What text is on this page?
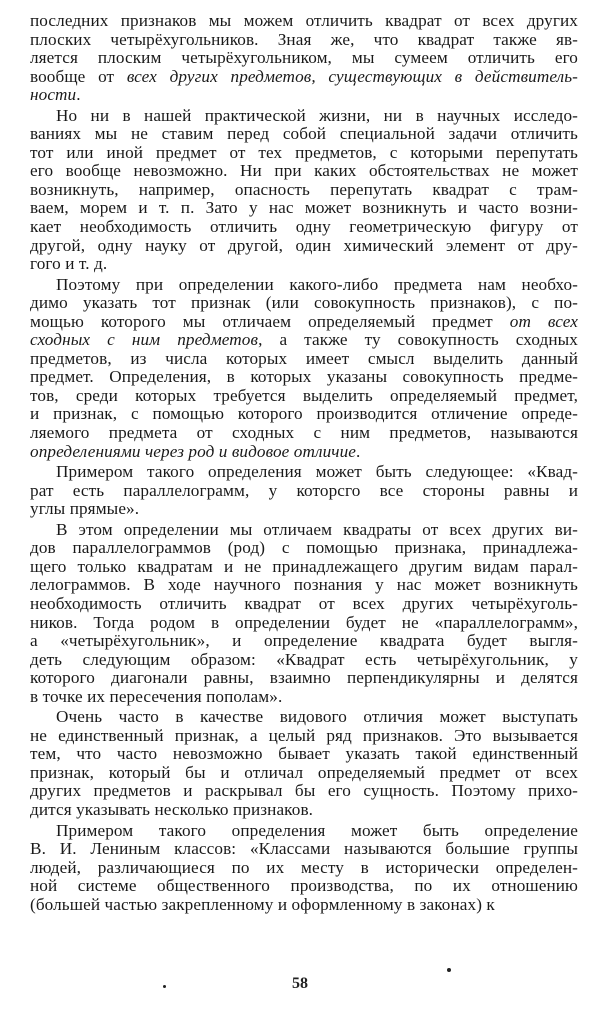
последних признаков мы можем отличить квадрат от всех других
плоских четырёхугольников. Зная же, что квадрат также яв-
ляется плоским четырёхугольником, мы сумеем отличить его
вообще от всех других предметов, существующих в действитель-
ности.
Но ни в нашей практической жизни, ни в научных исследо-
ваниях мы не ставим перед собой специальной задачи отличить
тот или иной предмет от тех предметов, с которыми перепутать
его вообще невозможно. Ни при каких обстоятельствах не может
возникнуть, например, опасность перепутать квадрат с трам-
ваем, морем и т. п. Зато у нас может возникнуть и часто возни-
кает необходимость отличить одну геометрическую фигуру от
другой, одну науку от другой, один химический элемент от дру-
гого и т. д.
Поэтому при определении какого-либо предмета нам необхо-
димо указать тот признак (или совокупность признаков), с по-
мощью которого мы отличаем определяемый предмет от всех
сходных с ним предметов, а также ту совокупность сходных
предметов, из числа которых имеет смысл выделить данный
предмет. Определения, в которых указаны совокупность предме-
тов, среди которых требуется выделить определяемый предмет,
и признак, с помощью которого производится отличение опреде-
ляемого предмета от сходных с ним предметов, называются
определениями через род и видовое отличие.
Примером такого определения может быть следующее: «Квад-
рат есть параллелограмм, у которсго все стороны равны и
углы прямые».
В этом определении мы отличаем квадраты от всех других ви-
дов параллелограммов (род) с помощью признака, принадлежа-
щего только квадратам и не принадлежащего другим видам парал-
лелограммов. В ходе научного познания у нас может возникнуть
необходимость отличить квадрат от всех других четырёхуголь-
ников. Тогда родом в определении будет не «параллелограмм»,
а «четырёхугольник», и определение квадрата будет выгля-
деть следующим образом: «Квадрат есть четырёхугольник, у
которого диагонали равны, взаимно перпендикулярны и делятся
в точке их пересечения пополам».
Очень часто в качестве видового отличия может выступать
не единственный признак, а целый ряд признаков. Это вызывается
тем, что часто невозможно бывает указать такой единственный
признак, который бы и отличал определяемый предмет от всех
других предметов и раскрывал бы его сущность. Поэтому прихо-
дится указывать несколько признаков.
Примером такого определения может быть определение
В. И. Лениным классов: «Классами называются большие группы
людей, различающиеся по их месту в исторически определен-
ной системе общественного производства, по их отношению
(большей частью закрепленному и оформленному в законах) к
58
